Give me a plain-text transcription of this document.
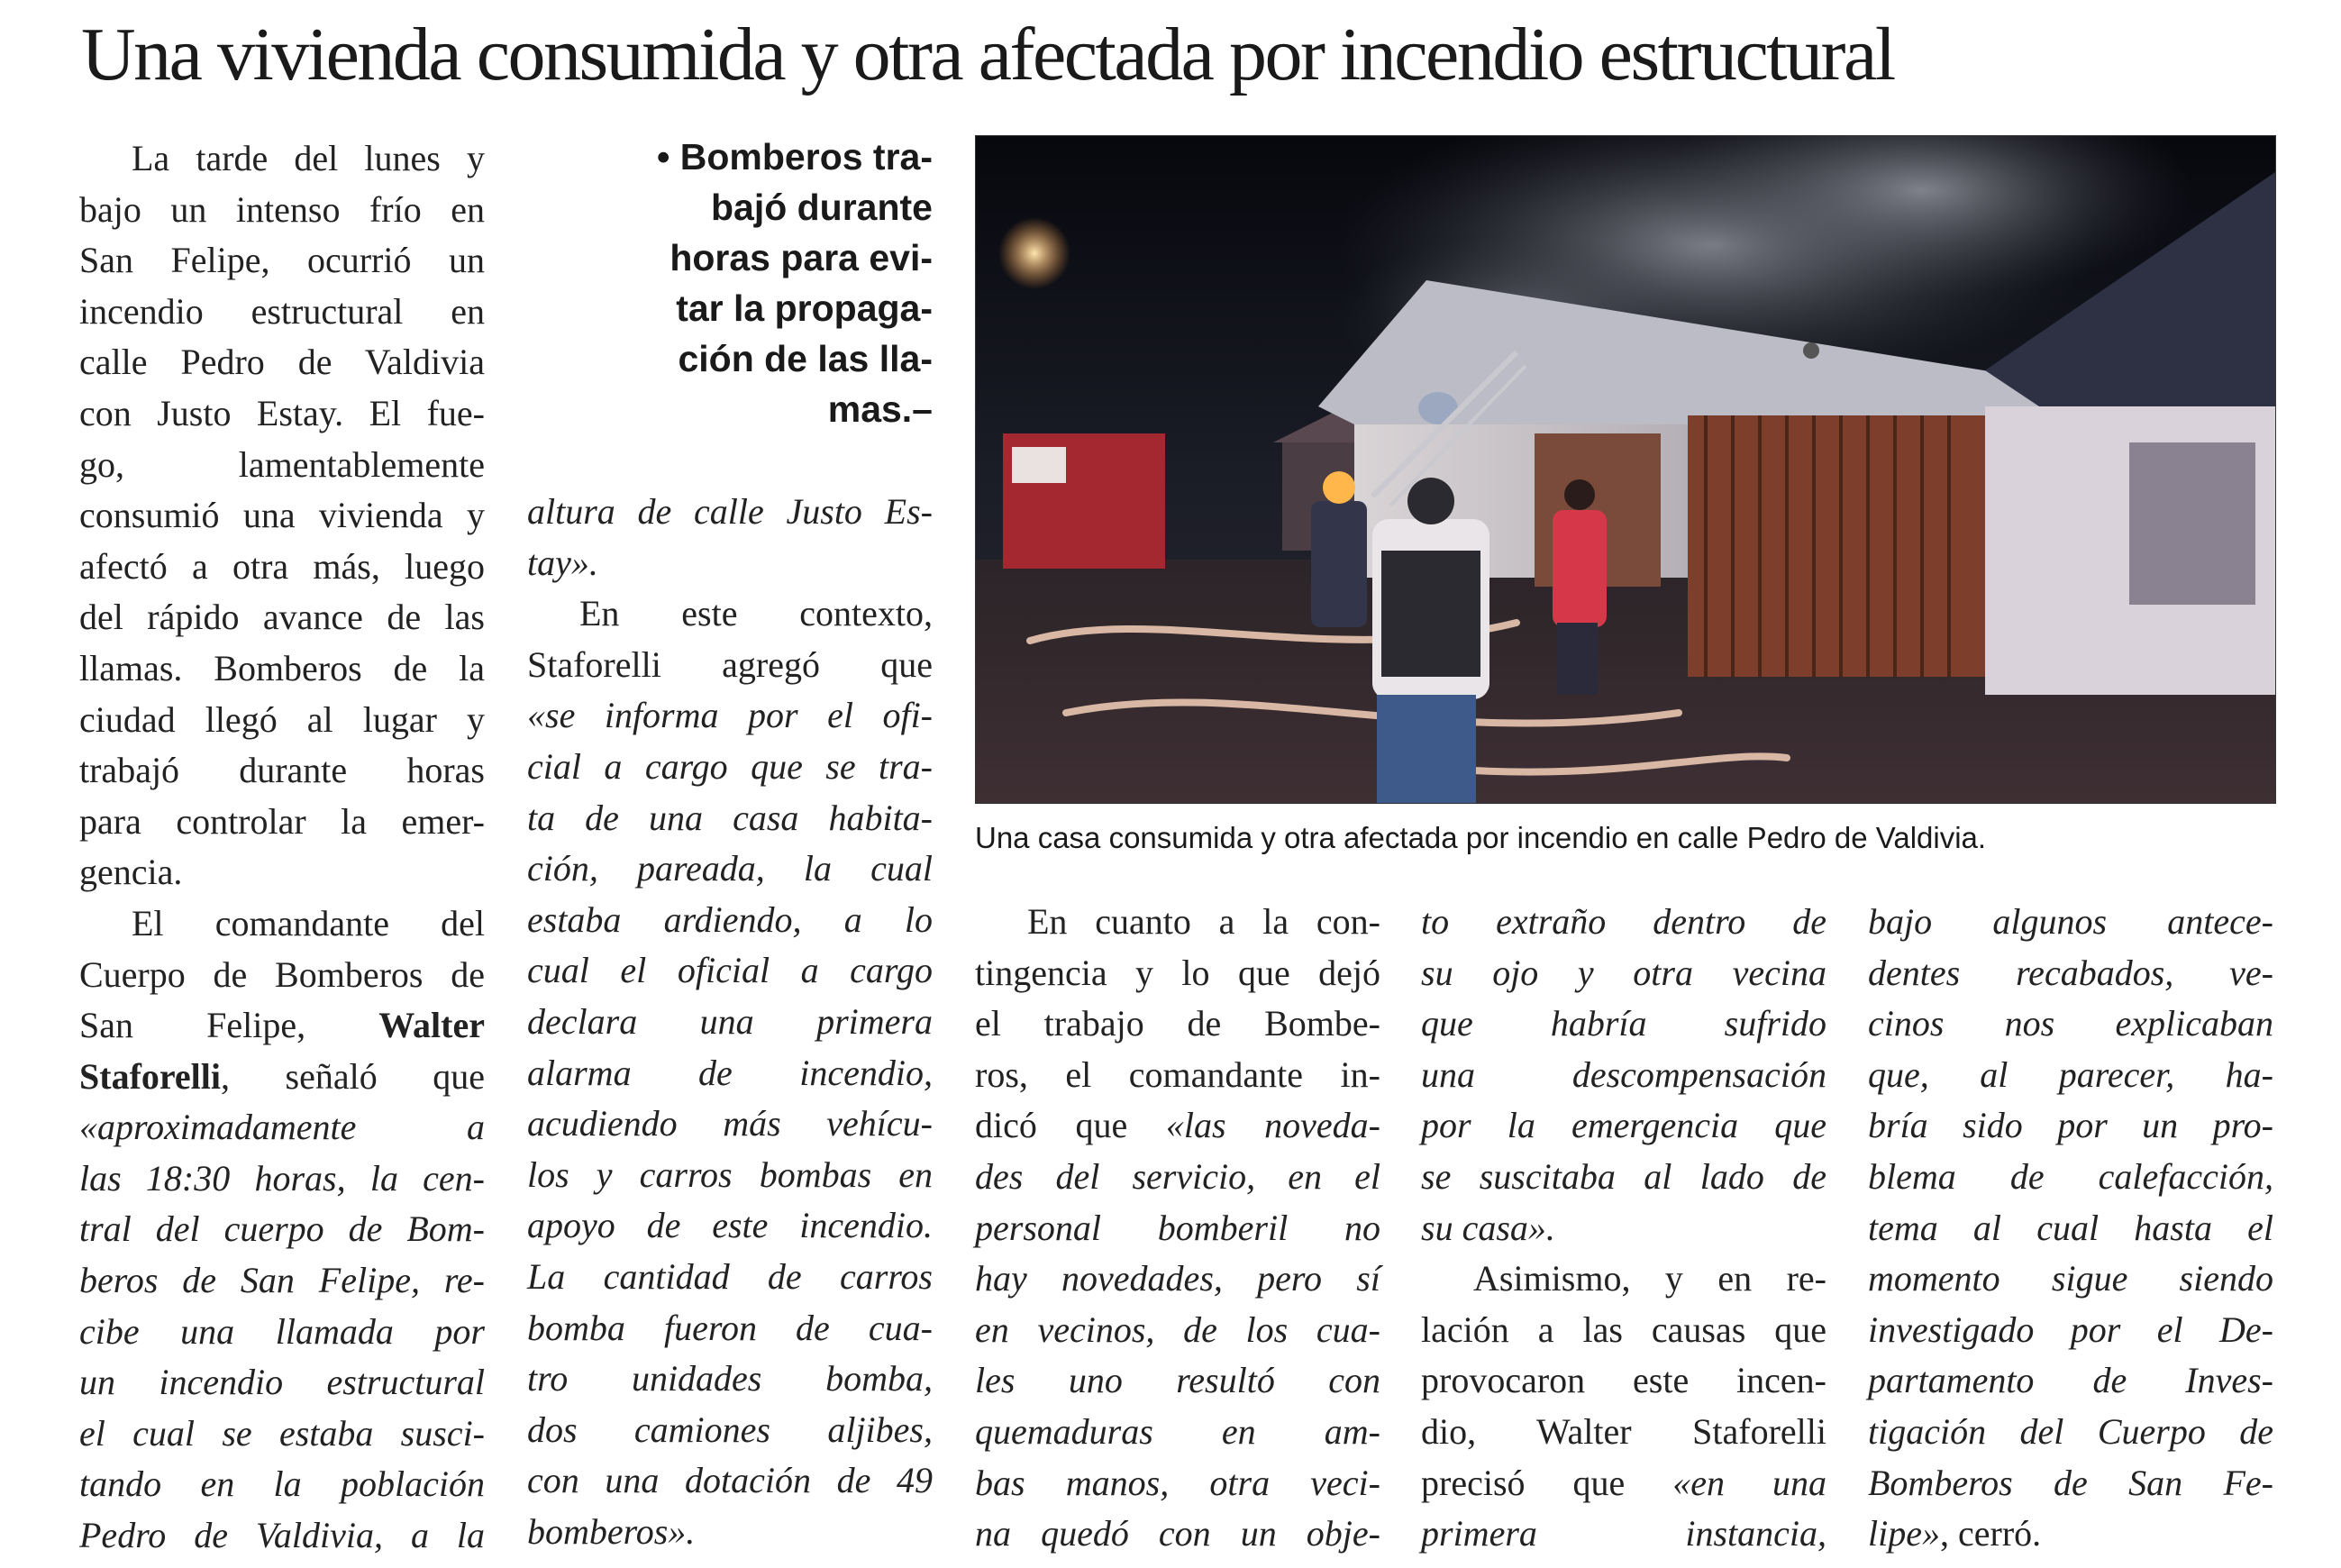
Una vivienda consumida y otra afectada por incendio estructural

La tarde del lunes y
bajo un intenso frío en
San Felipe, ocurrió un
incendio estructural en
calle Pedro de Valdivia
con Justo Estay. El fue-
go, lamentablemente
consumió una vivienda y
afectó a otra más, luego
del rápido avance de las
llamas. Bomberos de la
ciudad llegó al lugar y
trabajó durante horas
para controlar la emer-
gencia.

El comandante del
Cuerpo de Bomberos de
San Felipe, Walter
Staforelli, señaló que
«aproximadamente a
las 18:30 horas, la cen-
tral del cuerpo de Bom-
beros de San Felipe, re-
cibe una llamada por
un incendio estructural
el cual se estaba susci-
tando en la población
Pedro de Valdivia, a la

• Bomberos tra-
bajó durante
horas para evi-
tar la propaga-
ción de las lla-
mas.–

altura de calle Justo Es-
tay».

En este contexto,
Staforelli agregó que
«se informa por el ofi-
cial a cargo que se tra-
ta de una casa habita-
ción, pareada, la cual
estaba ardiendo, a lo
cual el oficial a cargo
declara una primera
alarma de incendio,
acudiendo más vehícu-
los y carros bombas en
apoyo de este incendio.
La cantidad de carros
bomba fueron de cua-
tro unidades bomba,
dos camiones aljibes,
con una dotación de 49
bomberos».

Una casa consumida y otra afectada por incendio en calle Pedro de Valdivia.

En cuanto a la con-
tingencia y lo que dejó
el trabajo de Bombe-
ros, el comandante in-
dicó que «las noveda-
des del servicio, en el
personal bomberil no
hay novedades, pero sí
en vecinos, de los cua-
les uno resultó con
quemaduras en am-
bas manos, otra veci-
na quedó con un obje-

to extraño dentro de
su ojo y otra vecina
que habría sufrido
una descompensación
por la emergencia que
se suscitaba al lado de
su casa».

Asimismo, y en re-
lación a las causas que
provocaron este incen-
dio, Walter Staforelli
precisó que «en una
primera instancia,

bajo algunos antece-
dentes recabados, ve-
cinos nos explicaban
que, al parecer, ha-
bría sido por un pro-
blema de calefacción,
tema al cual hasta el
momento sigue siendo
investigado por el De-
partamento de Inves-
tigación del Cuerpo de
Bomberos de San Fe-
lipe», cerró.
